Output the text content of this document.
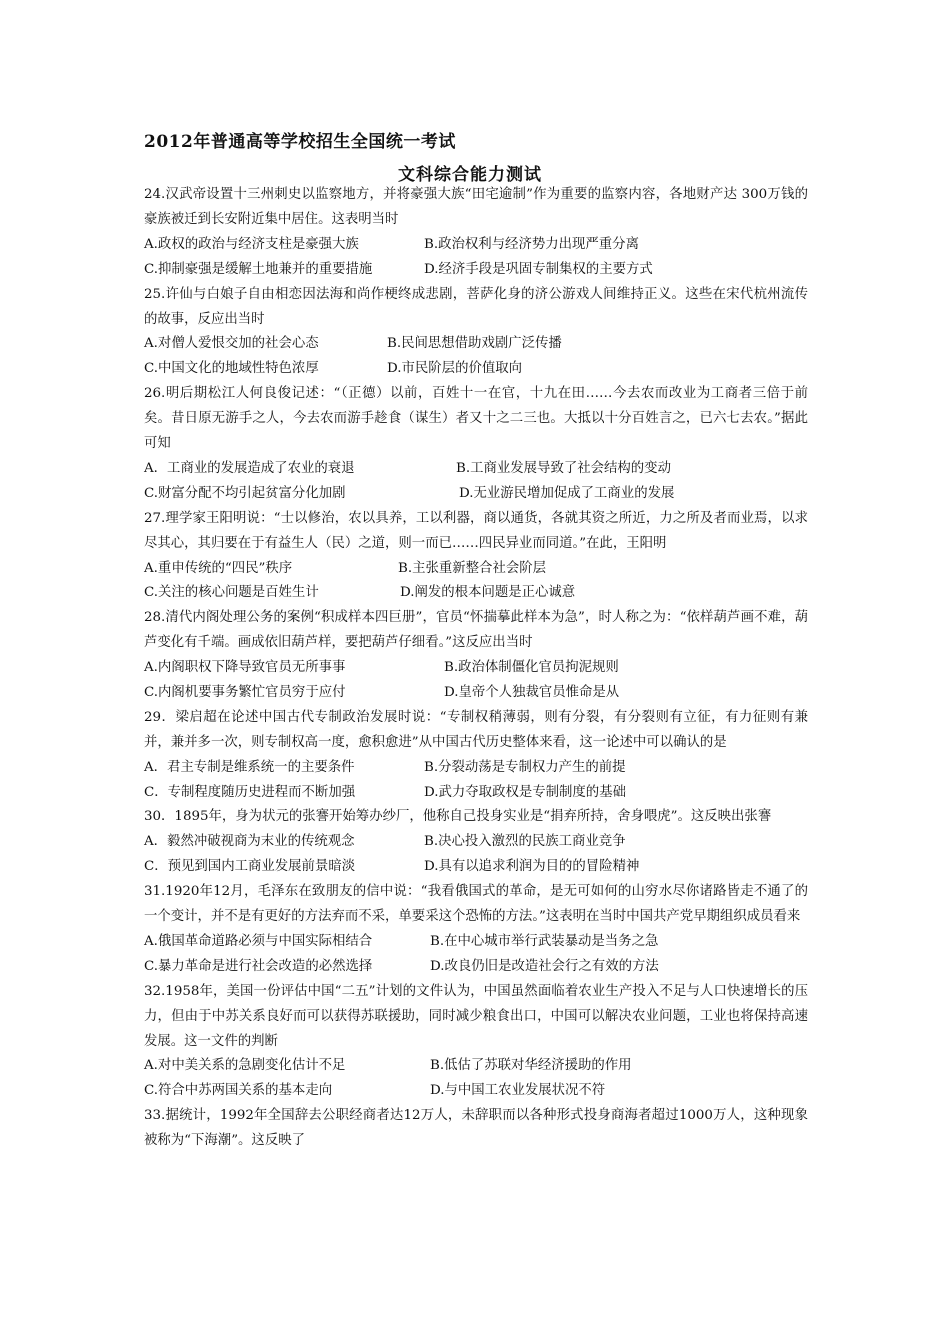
2012年普通高等学校招生全国统一考试
文科综合能力测试
24.汉武帝设置十三州刺史以监察地方，并将豪强大族“田宅逾制”作为重要的监察内容，各地财产达 300万钱的豪族被迁到长安附近集中居住。这表明当时
A.政权的政治与经济支柱是豪强大族	B.政治权利与经济势力出现严重分离
C.抑制豪强是缓解土地兼并的重要措施	D.经济手段是巩固专制集权的主要方式
25.许仙与白娘子自由相恋因法海和尚作梗终成悲剧，菩萨化身的济公游戏人间维持正义。这些在宋代杭州流传的故事，反应出当时
A.对僧人爱恨交加的社会心态	B.民间思想借助戏剧广泛传播
C.中国文化的地域性特色浓厚	D.市民阶层的价值取向
26.明后期松江人何良俊记述：“（正德）以前，百姓十一在官，十九在田……今去农而改业为工商者三倍于前矣。昔日原无游手之人，今去农而游手趁食（谋生）者又十之二三也。大抵以十分百姓言之，已六七去农。”据此可知
A．工商业的发展造成了农业的衰退	B.工商业发展导致了社会结构的变动
C.财富分配不均引起贫富分化加剧	D.无业游民增加促成了工商业的发展
27.理学家王阳明说：“士以修治，农以具养，工以利器，商以通货，各就其资之所近，力之所及者而业焉，以求尽其心，其归要在于有益生人（民）之道，则一而已……四民异业而同道。”在此，王阳明
A.重申传统的“四民”秩序	B.主张重新整合社会阶层
C.关注的核心问题是百姓生计	D.阐发的根本问题是正心诚意
28.清代内阁处理公务的案例“积成样本四巨册”，官员“怀揣摹此样本为急”，时人称之为：“依样葫芦画不难，葫芦变化有千端。画成依旧葫芦样，要把葫芦仔细看。”这反应出当时
A.内阁职权下降导致官员无所事事	B.政治体制僵化官员拘泥规则
C.内阁机要事务繁忙官员穷于应付	D.皇帝个人独裁官员惟命是从
29．梁启超在论述中国古代专制政治发展时说：“专制权稍薄弱，则有分裂，有分裂则有立征，有力征则有兼并，兼并多一次，则专制权高一度，愈积愈进”从中国古代历史整体来看，这一论述中可以确认的是
A．君主专制是维系统一的主要条件	B.分裂动荡是专制权力产生的前提
C．专制程度随历史进程而不断加强	D.武力夺取政权是专制制度的基础
30．1895年，身为状元的张謇开始筹办纱厂，他称自己投身实业是“捐弃所持，舍身喂虎”。这反映出张謇
A．毅然冲破视商为末业的传统观念	B.决心投入激烈的民族工商业竞争
C．预见到国内工商业发展前景暗淡	D.具有以追求利润为目的的冒险精神
31.1920年12月，毛泽东在致朋友的信中说：“我看俄国式的革命，是无可如何的山穷水尽你诸路皆走不通了的一个变计，并不是有更好的方法弃而不采，单要采这个恐怖的方法。”这表明在当时中国共产党早期组织成员看来
A.俄国革命道路必须与中国实际相结合	B.在中心城市举行武装暴动是当务之急
C.暴力革命是进行社会改造的必然选择	D.改良仍旧是改造社会行之有效的方法
32.1958年，美国一份评估中国“二五”计划的文件认为，中国虽然面临着农业生产投入不足与人口快速增长的压力，但由于中苏关系良好而可以获得苏联援助，同时减少粮食出口，中国可以解决农业问题，工业也将保持高速发展。这一文件的判断
A.对中美关系的急剧变化估计不足	B.低估了苏联对华经济援助的作用
C.符合中苏两国关系的基本走向	D.与中国工农业发展状况不符
33.据统计，1992年全国辞去公职经商者达12万人，未辞职而以各种形式投身商海者超过1000万人，这种现象被称为“下海潮”。这反映了
